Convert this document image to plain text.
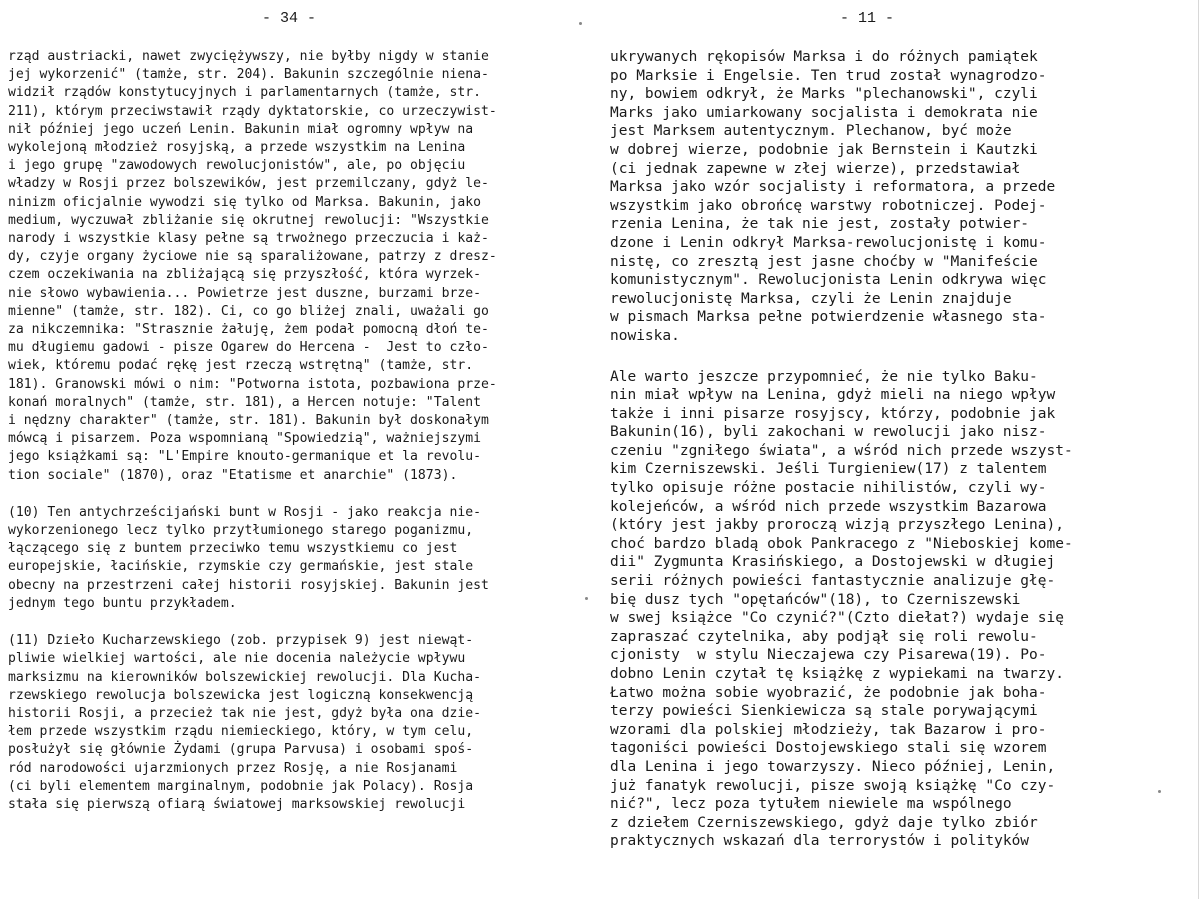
- 34 -	- 11 -

rząd austriacki, nawet zwyciężywszy, nie byłby nigdy w stanie

jej wykorzenić" (tamże, str. 204). Bakunin szczególnie niena-

widził rządów konstytucyjnych i parlamentarnych (tamże, str.

211), którym przeciwstawił rządy dyktatorskie, co urzeczywist-

nił później jego uczeń Lenin. Bakunin miał ogromny wpływ na

wykolejoną młodzież rosyjską, a przede wszystkim na Lenina

i jego grupę "zawodowych rewolucjonistów", ale, po objęciu

władzy w Rosji przez bolszewików, jest przemilczany, gdyż le-

ninizm oficjalnie wywodzi się tylko od Marksa. Bakunin, jako

medium, wyczuwał zbliżanie się okrutnej rewolucji: "Wszystkie

narody i wszystkie klasy pełne są trwożnego przeczucia i każ-

dy, czyje organy życiowe nie są sparaliżowane, patrzy z dresz-

czem oczekiwania na zbliżającą się przyszłość, która wyrzek-

nie słowo wybawienia... Powietrze jest duszne, burzami brze-

mienne" (tamże, str. 182). Ci, co go bliżej znali, uważali go

za nikczemnika: "Strasznie żałuję, żem podał pomocną dłoń te-

mu długiemu gadowi - pisze Ogarew do Hercena -  Jest to czło-

wiek, któremu podać rękę jest rzeczą wstrętną" (tamże, str.

181). Granowski mówi o nim: "Potworna istota, pozbawiona prze-

konań moralnych" (tamże, str. 181), a Hercen notuje: "Talent

i nędzny charakter" (tamże, str. 181). Bakunin był doskonałym

mówcą i pisarzem. Poza wspomnianą "Spowiedzią", ważniejszymi

jego książkami są: "L'Empire knouto-germanique et la revolu-

tion sociale" (1870), oraz "Etatisme et anarchie" (1873).

(10) Ten antychrześcijański bunt w Rosji - jako reakcja nie-

wykorzenionego lecz tylko przytłumionego starego poganizmu,

łączącego się z buntem przeciwko temu wszystkiemu co jest

europejskie, łacińskie, rzymskie czy germańskie, jest stale

obecny na przestrzeni całej historii rosyjskiej. Bakunin jest

jednym tego buntu przykładem.

(11) Dzieło Kucharzewskiego (zob. przypisek 9) jest niewąt-

pliwie wielkiej wartości, ale nie docenia należycie wpływu

marksizmu na kierowników bolszewickiej rewolucji. Dla Kucha-

rzewskiego rewolucja bolszewicka jest logiczną konsekwencją

historii Rosji, a przecież tak nie jest, gdyż była ona dzie-

łem przede wszystkim rządu niemieckiego, który, w tym celu,

posłużył się głównie Żydami (grupa Parvusa) i osobami spoś-

ród narodowości ujarzmionych przez Rosję, a nie Rosjanami

(ci byli elementem marginalnym, podobnie jak Polacy). Rosja

stała się pierwszą ofiarą światowej marksowskiej rewolucji

ukrywanych rękopisów Marksa i do różnych pamiątek

po Marksie i Engelsie. Ten trud został wynagrodzo-

ny, bowiem odkrył, że Marks "plechanowski", czyli

Marks jako umiarkowany socjalista i demokrata nie

jest Marksem autentycznym. Plechanow, być może

w dobrej wierze, podobnie jak Bernstein i Kautzki

(ci jednak zapewne w złej wierze), przedstawiał

Marksa jako wzór socjalisty i reformatora, a przede

wszystkim jako obrońcę warstwy robotniczej. Podej-

rzenia Lenina, że tak nie jest, zostały potwier-

dzone i Lenin odkrył Marksa-rewolucjonistę i komu-

nistę, co zresztą jest jasne choćby w "Manifeście

komunistycznym". Rewolucjonista Lenin odkrywa więc

rewolucjonistę Marksa, czyli że Lenin znajduje

w pismach Marksa pełne potwierdzenie własnego sta-

nowiska.

Ale warto jeszcze przypomnieć, że nie tylko Baku-

nin miał wpływ na Lenina, gdyż mieli na niego wpływ

także i inni pisarze rosyjscy, którzy, podobnie jak

Bakunin(16), byli zakochani w rewolucji jako nisz-

czeniu "zgniłego świata", a wśród nich przede wszyst-

kim Czerniszewski. Jeśli Turgieniew(17) z talentem

tylko opisuje różne postacie nihilistów, czyli wy-

kolejeńców, a wśród nich przede wszystkim Bazarowa

(który jest jakby proroczą wizją przyszłego Lenina),

choć bardzo bladą obok Pankracego z "Nieboskiej kome-

dii" Zygmunta Krasińskiego, a Dostojewski w długiej

serii różnych powieści fantastycznie analizuje głę-

bię dusz tych "opętańców"(18), to Czerniszewski

w swej książce "Co czynić?"(Czto diełat?) wydaje się

zapraszać czytelnika, aby podjął się roli rewolu-

cjonisty  w stylu Nieczajewa czy Pisarewa(19). Po-

dobno Lenin czytał tę książkę z wypiekami na twarzy.

Łatwo można sobie wyobrazić, że podobnie jak boha-

terzy powieści Sienkiewicza są stale porywającymi

wzorami dla polskiej młodzieży, tak Bazarow i pro-

tagoniści powieści Dostojewskiego stali się wzorem

dla Lenina i jego towarzyszy. Nieco później, Lenin,

już fanatyk rewolucji, pisze swoją książkę "Co czy-

nić?", lecz poza tytułem niewiele ma wspólnego

z dziełem Czerniszewskiego, gdyż daje tylko zbiór

praktycznych wskazań dla terrorystów i polityków
